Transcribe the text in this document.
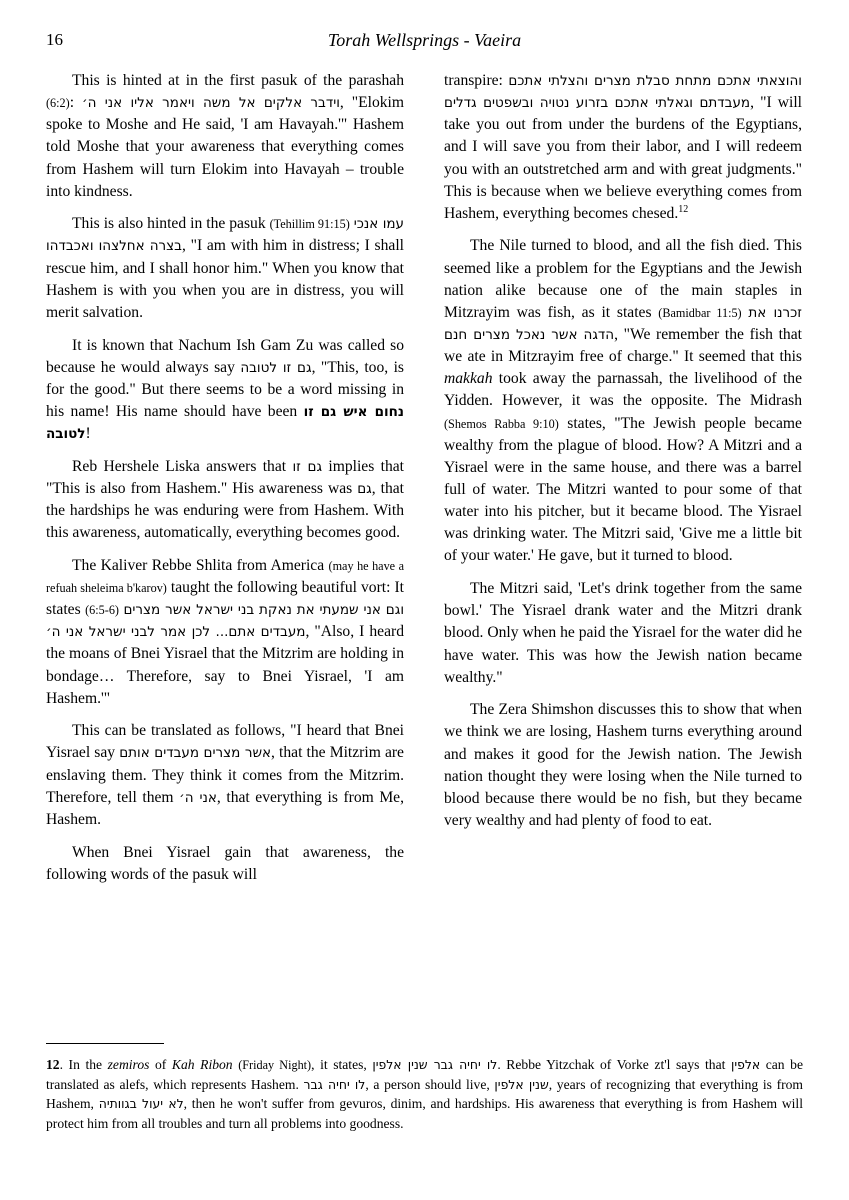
16	Torah Wellsprings - Vaeira

This is hinted at in the first pasuk of the parashah (6:2): וידבר אלקים אל משה ויאמר אליו אני ה׳, "Elokim spoke to Moshe and He said, 'I am Havayah.'" Hashem told Moshe that your awareness that everything comes from Hashem will turn Elokim into Havayah – trouble into kindness.

This is also hinted in the pasuk (Tehillim 91:15) עמו אנכי בצרה אחלצהו ואכבדהו, "I am with him in distress; I shall rescue him, and I shall honor him." When you know that Hashem is with you when you are in distress, you will merit salvation.

It is known that Nachum Ish Gam Zu was called so because he would always say גם זו לטובה, "This, too, is for the good." But there seems to be a word missing in his name! His name should have been נחום איש גם זו לטובה!

Reb Hershele Liska answers that גם זו implies that "This is also from Hashem." His awareness was גם, that the hardships he was enduring were from Hashem. With this awareness, automatically, everything becomes good.

The Kaliver Rebbe Shlita from America (may he have a refuah sheleima b'karov) taught the following beautiful vort: It states (6:5-6) וגם אני שמעתי את נאקת בני ישראל אשר מצרים מעבדים אתם... לכן אמר לבני ישראל אני ה׳, "Also, I heard the moans of Bnei Yisrael that the Mitzrim are holding in bondage… Therefore, say to Bnei Yisrael, 'I am Hashem.'"

This can be translated as follows, "I heard that Bnei Yisrael say אשר מצרים מעבדים אותם, that the Mitzrim are enslaving them. They think it comes from the Mitzrim. Therefore, tell them אני ה׳, that everything is from Me, Hashem.

When Bnei Yisrael gain that awareness, the following words of the pasuk will

transpire: והוצאתי אתכם מתחת סבלת מצרים והצלתי אתכם מעבדתם וגאלתי אתכם בזרוע נטויה ובשפטים גדלים, "I will take you out from under the burdens of the Egyptians, and I will save you from their labor, and I will redeem you with an outstretched arm and with great judgments." This is because when we believe everything comes from Hashem, everything becomes chesed.$^{12}$

The Nile turned to blood, and all the fish died. This seemed like a problem for the Egyptians and the Jewish nation alike because one of the main staples in Mitzrayim was fish, as it states (Bamidbar 11:5) זכרנו את הדגה אשר נאכל מצרים חנם, "We remember the fish that we ate in Mitzrayim free of charge." It seemed that this makkah took away the parnassah, the livelihood of the Yidden. However, it was the opposite. The Midrash (Shemos Rabba 9:10) states, "The Jewish people became wealthy from the plague of blood. How? A Mitzri and a Yisrael were in the same house, and there was a barrel full of water. The Mitzri wanted to pour some of that water into his pitcher, but it became blood. The Yisrael was drinking water. The Mitzri said, 'Give me a little bit of your water.' He gave, but it turned to blood.

The Mitzri said, 'Let's drink together from the same bowl.' The Yisrael drank water and the Mitzri drank blood. Only when he paid the Yisrael for the water did he have water. This was how the Jewish nation became wealthy."

The Zera Shimshon discusses this to show that when we think we are losing, Hashem turns everything around and makes it good for the Jewish nation. The Jewish nation thought they were losing when the Nile turned to blood because there would be no fish, but they became very wealthy and had plenty of food to eat.

12. In the zemiros of Kah Ribon (Friday Night), it states, לו יחיה גבר שנין אלפין. Rebbe Yitzchak of Vorke zt'l says that אלפין can be translated as alefs, which represents Hashem. לו יחיה גבר, a person should live, שנין אלפין, years of recognizing that everything is from Hashem, לא יעול בגוותיה, then he won't suffer from gevuros, dinim, and hardships. His awareness that everything is from Hashem will protect him from all troubles and turn all problems into goodness.
